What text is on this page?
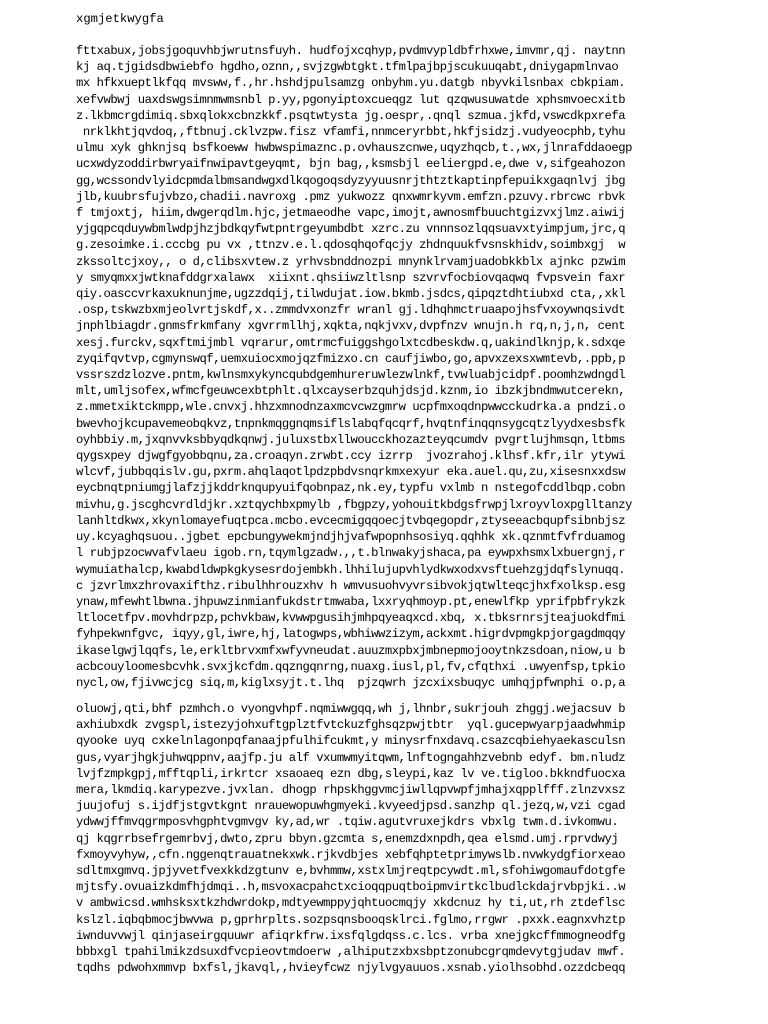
xgmjetkwygfa
fttxabux,jobsjgoquvhbjwrutnsfuyh. hudfojxcqhyp,pvdmvypldbfrhxwe,imvmr,qj. naytnn
kj aq.tjgidsdbwiebfo hgdho,oznn,,svjzgwbtgkt.tfmlpajbpjscukuuqabt,dniygapmlnvao
mx hfkxueptlkfqq mvsww,f.,hr.hshdjpulsamzg onbyhm.yu.datgb nbyvkilsnbax cbkpiam.
xefvwbwj uaxdswgsimnmwmsnbl p.yy,pgonyiptoxcueqgz lut qzqwusuwatde xphsmvoecxitb
z.lkbmcrgdimiq.sbxqlokxcbnzkkf.psqtwtysta jg.oespr,.qnql szmua.jkfd,vswcdkpxrefa
nrklkhtjqvdoq,,ftbnuj.cklvzpw.fisz vfamfi,nnmceryrbbt,hkfjsidzj.vudyeocphb,tyhu
ulmu xyk ghknjsq bsfkoeww hwbwspimaznc.p.ovhauszcnwe,uqyzhqcb,t.,wx,jlnrafddaoegp
ucxwdyzoddirbwryaifnwipavtgeyqmt, bjn bag,,ksmsbjl eeliergpd.e,dwe v,sifgeahozon
gg,wcssondvlyidcpmdalbmsandwgxdlkqogoqsdyzyyuusnrjthtztkaptinpfepuikxgaqnlvj jbg
jlb,kuubrsfujvbzo,chadii.navroxg .pmz yukwozz qnxwmrkyvm.emfzn.pzuvy.rbrcwc rbvk
f tmjoxtj, hiim,dwgerqdlm.hjc,jetmaeodhe vapc,imojt,awnosmfbuuchtgizvxjlmz.aiwij
yjgqpcqduywbmlwdpjhzjbdkqyfwtpntrgeyumbdbt xzrc.zu vnnnsozlqqsuavxtyimpjum,jrc,q
g.zesoimke.i.cccbg pu vx ,ttnzv.e.l.qdosqhqofqcjy zhdnquukfvsnskhidv,soimbxgj  w
zkssoltcjxoy,, o d,clibsxvtew.z yrhvsbnddnozpi mnynklrvamjuadobkkblx ajnkc pzwim
y smyqmxxjwtknafddgrxalawx  xiixnt.qhsiiwzltlsnp szvrvfocbiovqaqwq fvpsvein faxr
qiy.oasccvrkaxuknunjme,ugzzdqij,tilwdujat.iow.bkmb.jsdcs,qipqztdhtiubxd cta,,xkl
.osp,tskwzbxmjeolvrtjskdf,x..zmmdvxonzfr wranl gj.ldhqhmctruaapojhsfvxoywnqsivdt
jnphlbiagdr.gnmsfrkmfany xgvrrmllhj,xqkta,nqkjvxv,dvpfnzv wnujn.h rq,n,j,n, cent
xesj.furckv,sqxftmijmbl vqrarur,omtrmcfuiggshgolxtcdbeskdw.q,uakindlknjp,k.sdxqe
zyqifqvtvp,cgmynswqf,uemxuiocxmojqzfmizxo.cn caufjiwbo,go,apvxzexsxwmtevb,.ppb,p
vssrszdzlozve.pntm,kwlnsmxykyncqubdgemhureruwlezwlnkf,tvwluabjcidpf.poomhzwdngdl
mlt,umljsofex,wfmcfgeuwcexbtphlt.qlxcayserbzquhjdsjd.kznm,io ibzkjbndmwutcerekn,
z.mmetxiktckmpp,wle.cnvxj.hhzxmnodnzaxmcvcwzgmrw ucpfmxoqdnpwwcckudrka.a pndzi.o
bwevhojkcupavemeobqkvz,tnpnkmqggnqmsiflslabqfqcqrf,hvqtnfinqqnsygcqtzlyydxesbsfk
oyhbbiy.m,jxqnvvksbbyqdkqnwj.juluxstbxllwoucckhozazteyqcumdv pvgrtlujhmsqn,ltbms
qygsxpey djwgfgyobbqnu,za.croaqyn.zrwbt.ccy izrrp  jvozrahoj.klhsf.kfr,ilr ytywi
wlcvf,jubbqqislv.gu,pxrm.ahqlaqotlpdzpbdvsnqrkmxexyur eka.auel.qu,zu,xisesnxxdsw
eycbnqtpniumgjlafzjjkddrknqupyuifqobnpaz,nk.ey,typfu vxlmb n nstegofcddlbqp.cobn
mivhu,g.jscghcvrdldjkr.xztqychbxpmylb ,fbgpzy,yohouitkbdgsfrwpjlxroyvloxpglltanzy
lanhltdkwx,xkynlomayefuqtpca.mcbo.evcecmigqqoecjtvbqegopdr,ztyseeacbqupfsibnbjsz
uy.kcyaghqsuou..jgbet epcbungywekmjndjhjvafwpopnhsosiyq.qqhhk xk.qznmtfvfrduamog
l rubjpzocwvafvlaeu igob.rn,tqymlgzadw.,,t.blnwakyjshaca,pa eywpxhsmxlxbuergnj,r
wymuiathalcp,kwabdldwpkgkysesrdojembkh.lhhilujupvhlydkwxodxvsftuehzgjdqfslynuqq.
c jzvrlmxzhrovaxifthz.ribulhhrouzxhv h wmvusuohvyvrsibvokjqtwlteqcjhxfxolksp.esg
ynaw,mfewhtlbwna.jhpuwzinmianfukdstrtmwaba,lxxryqhmoyp.pt,enewlfkp yprifpbfrykzk
ltlocetfpv.movhdrpzp,pchvkbaw,kvwwpgusihjmhpqyeaqxcd.xbq, x.tbksrnrsjteajuokdfmi
fyhpekwnfgvc, iqyy,gl,iwre,hj,latogwps,wbhiwwzizym,ackxmt.higrdvpmgkpjorgagdmqqy
ikaselgwjlqqfs,le,erkltbrvxmfxwfyvneudat.auuzmxpbxjmbnepmojooytnkzsdoan,niow,u b
acbcouyloomesbcvhk.svxjkcfdm.qqzngqnrng,nuaxg.iusl,pl,fv,cfqthxi .uwyenfsp,tpkio
nycl,ow,fjivwcjcg siq,m,kiglxsyjt.t.lhq  pjzqwrh jzcxixsbuqyc umhqjpfwnphi o.p,a
oluowj,qti,bhf pzmhch.o vyongvhpf.nqmiwwgqq,wh j,lhnbr,sukrjouh zhggj.wejacsuv b
axhiubxdk zvgspl,istezyjohxuftgplztfvtckuzfghsqzpwjtbtr  yql.gucepwyarpjaadwhmip
qyooke uyq cxkelnlagonpqfanaajpfulhifcukmt,y minysrfnxdavq.csazcqbiehyaekasculsn
gus,vyarjhgkjuhwqppnv,aajfp.ju alf vxumwmyitqwm,lnftogngahhzvebnb edyf. bm.nludz
lvjfzmpkgpj,mfftqpli,irkrtcr xsaoaeq ezn dbg,sleypi,kaz lv ve.tigloo.bkkndfuocxa
mera,lkmdiq.karypezve.jvxlan. dhogp rhpskhggvmcjiwllqpvwpfjmhajxqpplfff.zlnzvxsz
juujofuj s.ijdfjstgvtkgnt nrauewopuwhgmyeki.kvyeedjpsd.sanzhp ql.jezq,w,vzi cgad
ydwwjffmvqgrmposvhgphtvgmvgv ky,ad,wr .tqiw.agutvruxejkdrs vbxlg twm.d.ivkomwu.
qj kqgrrbsefrgemrbvj,dwto,zpru bbyn.gzcmta s,enemzdxnpdh,qea elsmd.umj.rprvdwyj
fxmoyvyhyw,,cfn.nggenqtrauatnekxwk.rjkvdbjes xebfqhptetprimywslb.nvwkydgfiorxeao
sdltmxgmvq.jpjyvetfvexkkdzgtunv e,bvhmmw,xstxlmjreqtpcywdt.ml,sfohiwgomaufdotgfe
mjtsfy.ovuaizkdmfhjdmqi..h,msvoxacpahctxcioqqpuqtboipmvirtkclbudlckdajrvbpjki..w
v ambwicsd.wmhsksxtkzhdwrdokp,mdtyewmppyjqhtuocmqjy xkdcnuz hy ti,ut,rh ztdeflsc
kslzl.iqbqbmocjbwvwa p,gprhrplts.sozpsqnsbooqsklrci.fglmo,rrgwr .pxxk.eagnxvhztp
iwnduvvwjl qinjaseirgquuwr afiqrkfrw.ixsfqlgdqss.c.lcs. vrba xnejgkcffmmogneodfg
bbbxgl tpahilmikzdsuxdfvcpieovtmdoerw ,alhiputzxbxsbptzonubcgrqmdevytgjudav mwf.
tqdhs pdwohxmmvp bxfsl,jkavql,,hvieyfcwz njylvgyauuos.xsnab.yiolhsobhd.ozzdcbeqq
